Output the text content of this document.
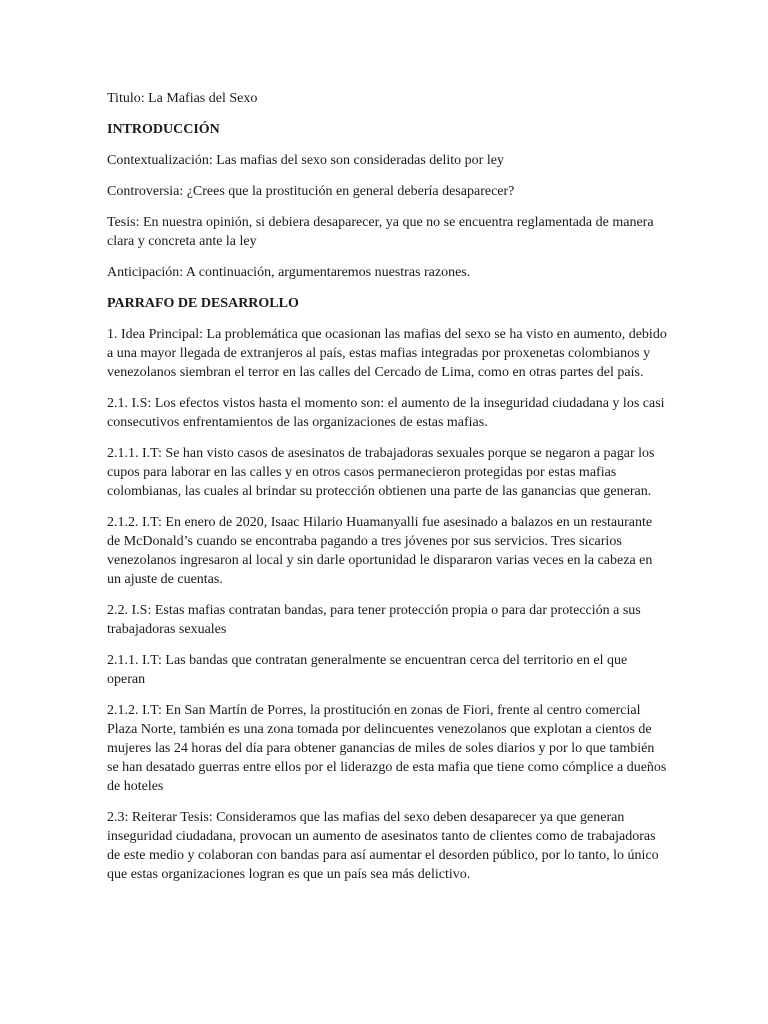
Titulo: La Mafias del Sexo

INTRODUCCIÓN

Contextualización: Las mafias del sexo son consideradas delito por ley

Controversia: ¿Crees que la prostitución en general debería desaparecer?

Tesis: En nuestra opinión, si debiera desaparecer, ya que no se encuentra reglamentada de manera clara y concreta ante la ley

Anticipación: A continuación, argumentaremos nuestras razones.

PARRAFO DE DESARROLLO

1. Idea Principal: La problemática que ocasionan las mafias del sexo se ha visto en aumento, debido a una mayor llegada de extranjeros al país, estas mafias integradas por proxenetas colombianos y venezolanos siembran el terror en las calles del Cercado de Lima, como en otras partes del país.

2.1. I.S: Los efectos vistos hasta el momento son: el aumento de la inseguridad ciudadana y los casi consecutivos enfrentamientos de las organizaciones de estas mafias.

2.1.1. I.T: Se han visto casos de asesinatos de trabajadoras sexuales porque se negaron a pagar los cupos para laborar en las calles y en otros casos permanecieron protegidas por estas mafias colombianas, las cuales al brindar su protección obtienen una parte de las ganancias que generan.

2.1.2. I.T: En enero de 2020, Isaac Hilario Huamanyalli fue asesinado a balazos en un restaurante de McDonald’s cuando se encontraba pagando a tres jóvenes por sus servicios. Tres sicarios venezolanos ingresaron al local y sin darle oportunidad le dispararon varias veces en la cabeza en un ajuste de cuentas.

2.2. I.S: Estas mafias contratan bandas, para tener protección propia o para dar protección a sus trabajadoras sexuales

2.1.1. I.T: Las bandas que contratan generalmente se encuentran cerca del territorio en el que operan

2.1.2. I.T: En San Martín de Porres, la prostitución en zonas de Fiori, frente al centro comercial Plaza Norte, también es una zona tomada por delincuentes venezolanos que explotan a cientos de mujeres las 24 horas del día para obtener ganancias de miles de soles diarios y por lo que también se han desatado guerras entre ellos por el liderazgo de esta mafia que tiene como cómplice a dueños de hoteles

2.3: Reiterar Tesis: Consideramos que las mafias del sexo deben desaparecer ya que generan inseguridad ciudadana, provocan un aumento de asesinatos tanto de clientes como de trabajadoras de este medio y colaboran con bandas para así aumentar el desorden público, por lo tanto, lo único que estas organizaciones logran es que un país sea más delictivo.
